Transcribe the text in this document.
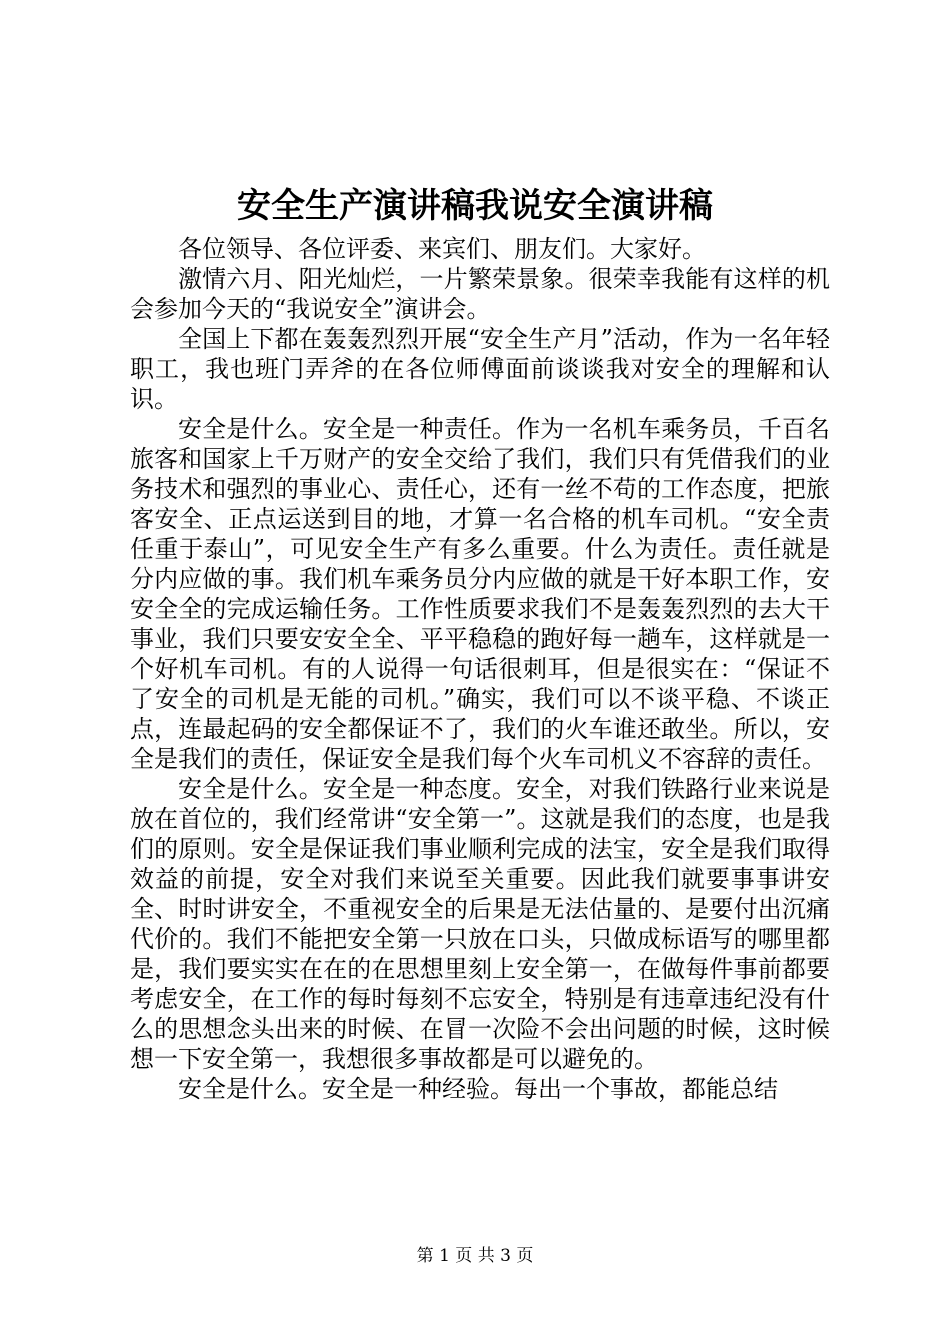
安全生产演讲稿我说安全演讲稿

各位领导、各位评委、来宾们、朋友们。大家好。

激情六月、阳光灿烂，一片繁荣景象。很荣幸我能有这样的机会参加今天的“我说安全”演讲会。

全国上下都在轰轰烈烈开展“安全生产月”活动，作为一名年轻职工，我也班门弄斧的在各位师傅面前谈谈我对安全的理解和认识。

安全是什么。安全是一种责任。作为一名机车乘务员，千百名旅客和国家上千万财产的安全交给了我们，我们只有凭借我们的业务技术和强烈的事业心、责任心，还有一丝不苟的工作态度，把旅客安全、正点运送到目的地，才算一名合格的机车司机。“安全责任重于泰山”，可见安全生产有多么重要。什么为责任。责任就是分内应做的事。我们机车乘务员分内应做的就是干好本职工作，安安全全的完成运输任务。工作性质要求我们不是轰轰烈烈的去大干事业，我们只要安安全全、平平稳稳的跑好每一趟车，这样就是一个好机车司机。有的人说得一句话很刺耳，但是很实在：“保证不了安全的司机是无能的司机。”确实，我们可以不谈平稳、不谈正点，连最起码的安全都保证不了，我们的火车谁还敢坐。所以，安全是我们的责任，保证安全是我们每个火车司机义不容辞的责任。

安全是什么。安全是一种态度。安全，对我们铁路行业来说是放在首位的，我们经常讲“安全第一”。这就是我们的态度，也是我们的原则。安全是保证我们事业顺利完成的法宝，安全是我们取得效益的前提，安全对我们来说至关重要。因此我们就要事事讲安全、时时讲安全，不重视安全的后果是无法估量的、是要付出沉痛代价的。我们不能把安全第一只放在口头，只做成标语写的哪里都是，我们要实实在在的在思想里刻上安全第一，在做每件事前都要考虑安全，在工作的每时每刻不忘安全，特别是有违章违纪没有什么的思想念头出来的时候、在冒一次险不会出问题的时候，这时候想一下安全第一，我想很多事故都是可以避免的。

安全是什么。安全是一种经验。每出一个事故，都能总结

第 1 页 共 3 页
